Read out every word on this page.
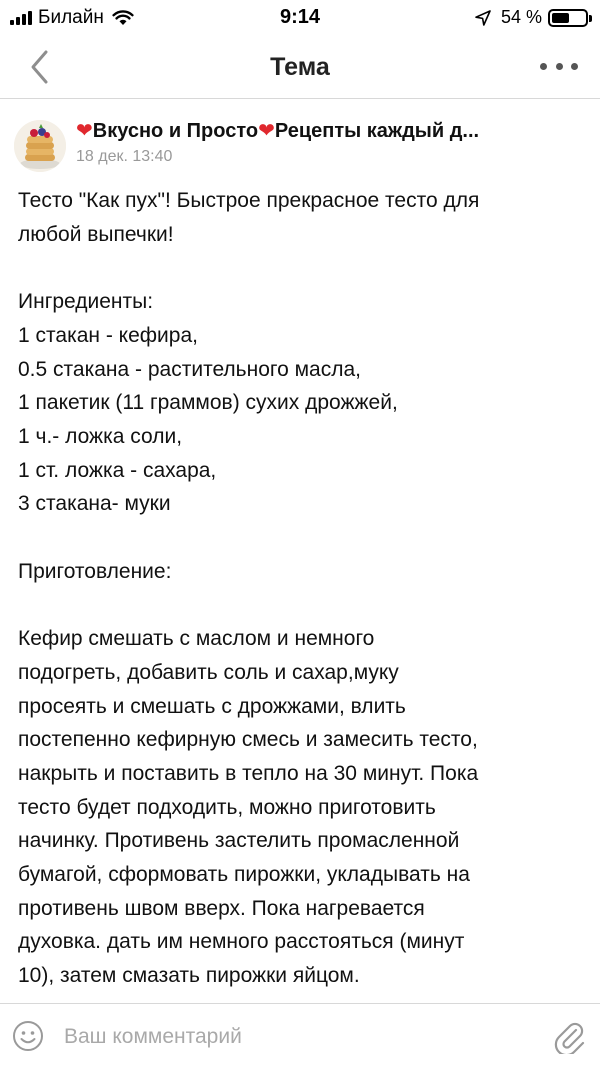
Билайн	9:14	54 %
Тема
❤Вкусно и Просто❤Рецепты каждый д...
18 дек. 13:40

Тесто "Как пух"! Быстрое прекрасное тесто для

любой выпечки!

Ингредиенты:

1 стакан - кефира,

0.5 стакана - растительного масла,

1 пакетик (11 граммов) сухих дрожжей,

1 ч.- ложка соли,

1 ст. ложка - сахара,

3 стакана- муки

Приготовление:

Кефир смешать с маслом и немного

подогреть, добавить соль и сахар,муку

просеять и смешать с дрожжами, влить

постепенно кефирную смесь и замесить тесто,

накрыть и поставить в тепло на 30 минут. Пока

тесто будет подходить, можно приготовить

начинку. Противень застелить промасленной

бумагой, сформовать пирожки, укладывать на

противень швом вверх. Пока нагревается

духовка. дать им немного расстояться (минут

10), затем смазать пирожки яйцом.

Ваш комментарий
